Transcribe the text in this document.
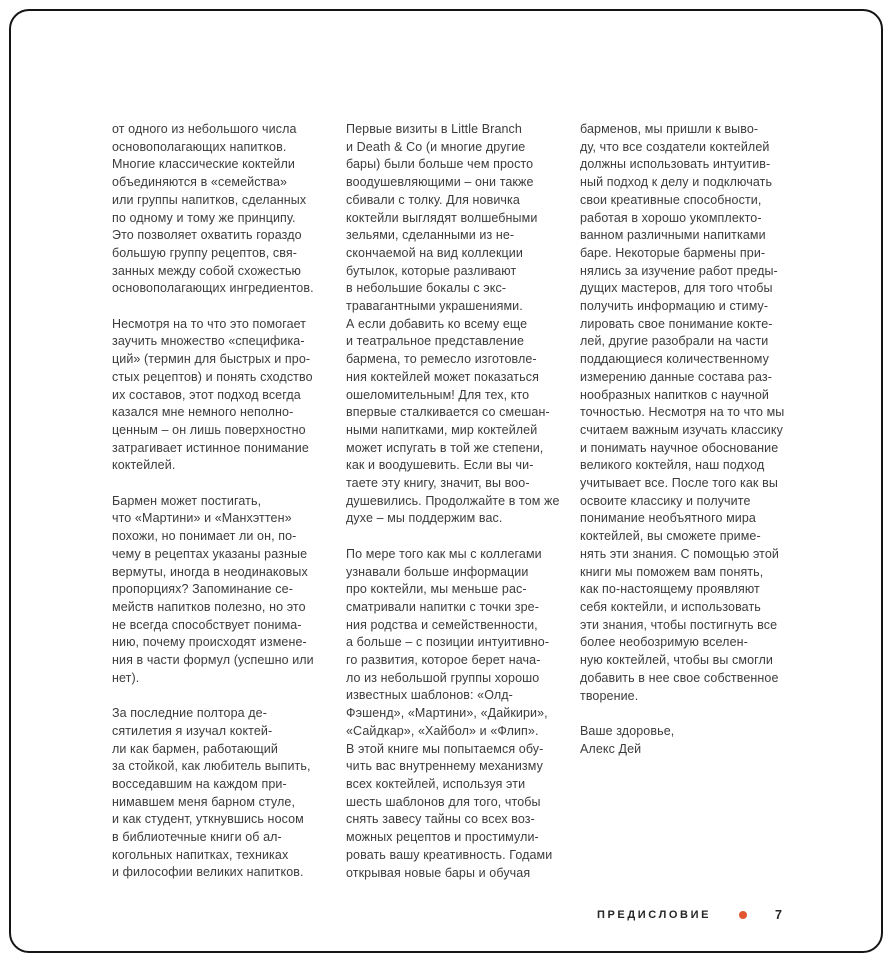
от одного из небольшого числа
основополагающих напитков.
Многие классические коктейли
объединяются в «семейства»
или группы напитков, сделанных
по одному и тому же принципу.
Это позволяет охватить гораздо
большую группу рецептов, свя-
занных между собой схожестью
основополагающих ингредиентов.
Несмотря на то что это помогает
заучить множество «специфика-
ций» (термин для быстрых и про-
стых рецептов) и понять сходство
их составов, этот подход всегда
казался мне немного неполно-
ценным – он лишь поверхностно
затрагивает истинное понимание
коктейлей.
Бармен может постигать,
что «Мартини» и «Манхэттен»
похожи, но понимает ли он, по-
чему в рецептах указаны разные
вермуты, иногда в неодинаковых
пропорциях? Запоминание се-
мейств напитков полезно, но это
не всегда способствует понима-
нию, почему происходят измене-
ния в части формул (успешно или
нет).
За последние полтора де-
сятилетия я изучал коктей-
ли как бармен, работающий
за стойкой, как любитель выпить,
восседавшим на каждом при-
нимавшем меня барном стуле,
и как студент, уткнувшись носом
в библиотечные книги об ал-
когольных напитках, техниках
и философии великих напитков.
Первые визиты в Little Branch
и Death & Co (и многие другие
бары) были больше чем просто
воодушевляющими – они также
сбивали с толку. Для новичка
коктейли выглядят волшебными
зельями, сделанными из не-
скончаемой на вид коллекции
бутылок, которые разливают
в небольшие бокалы с экс-
травагантными украшениями.
А если добавить ко всему еще
и театральное представление
бармена, то ремесло изготовле-
ния коктейлей может показаться
ошеломительным! Для тех, кто
впервые сталкивается со смешан-
ными напитками, мир коктейлей
может испугать в той же степени,
как и воодушевить. Если вы чи-
таете эту книгу, значит, вы воо-
душевились. Продолжайте в том же
духе – мы поддержим вас.
По мере того как мы с коллегами
узнавали больше информации
про коктейли, мы меньше рас-
сматривали напитки с точки зре-
ния родства и семейственности,
а больше – с позиции интуитивно-
го развития, которое берет нача-
ло из небольшой группы хорошо
известных шаблонов: «Олд-
Фэшенд», «Мартини», «Дайкири»,
«Сайдкар», «Хайбол» и «Флип».
В этой книге мы попытаемся обу-
чить вас внутреннему механизму
всех коктейлей, используя эти
шесть шаблонов для того, чтобы
снять завесу тайны со всех воз-
можных рецептов и простимули-
ровать вашу креативность. Годами
открывая новые бары и обучая
барменов, мы пришли к выво-
ду, что все создатели коктейлей
должны использовать интуитив-
ный подход к делу и подключать
свои креативные способности,
работая в хорошо укомплекто-
ванном различными напитками
баре. Некоторые бармены при-
нялись за изучение работ преды-
дущих мастеров, для того чтобы
получить информацию и стиму-
лировать свое понимание кокте-
лей, другие разобрали на части
поддающиеся количественному
измерению данные состава раз-
нообразных напитков с научной
точностью. Несмотря на то что мы
считаем важным изучать классику
и понимать научное обоснование
великого коктейля, наш подход
учитывает все. После того как вы
освоите классику и получите
понимание необъятного мира
коктейлей, вы сможете приме-
нять эти знания. С помощью этой
книги мы поможем вам понять,
как по-настоящему проявляют
себя коктейли, и использовать
эти знания, чтобы постигнуть все
более необозримую вселен-
ную коктейлей, чтобы вы смогли
добавить в нее свое собственное
творение.
Ваше здоровье,
Алекс Дей
ПРЕДИСЛОВИЕ	7
